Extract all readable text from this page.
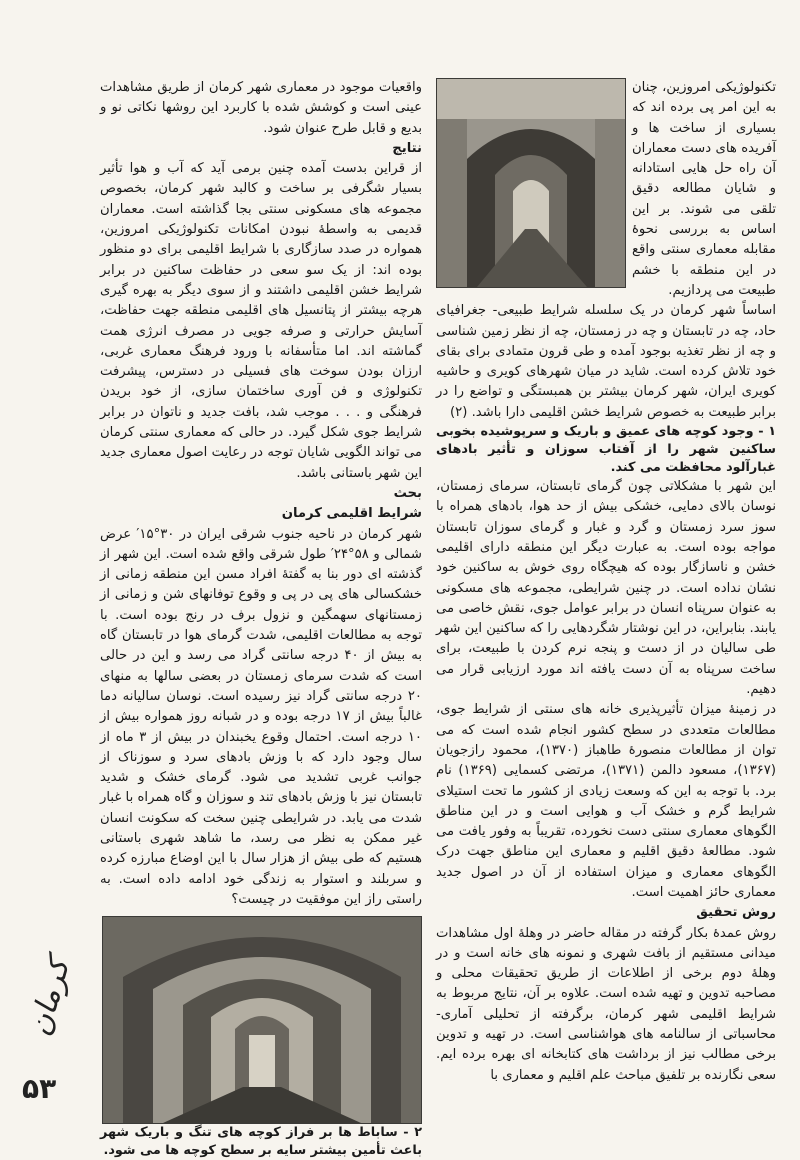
تکنولوژیکی امروزین، چنان به این امر پی برده اند که بسیاری از ساخت ها و آفریده های دست معماران آن راه حل هایی استادانه و شایان مطالعه دقیق تلقی می شوند. بر این اساس به بررسی نحوهٔ مقابله معماری سنتی واقع در این منطقه با خشم طبیعت می پردازیم.

اساساً شهر کرمان در یک سلسله شرایط طبیعی- جغرافیای حاد، چه در تابستان و چه در زمستان، چه از نظر زمین شناسی و چه از نظر تغذیه بوجود آمده و طی قرون متمادی برای بقای خود تلاش کرده است. شاید در میان شهرهای کویری و حاشیه کویری ایران، شهر کرمان بیشتر بن همبستگی و تواضع را در برابر طبیعت به خصوص شرایط خشن اقلیمی دارا باشد. (۲)

۱ - وجود کوچه های عمیق و باریک و سرپوشیده بخوبی ساکنین شهر را از آفتاب سوزان و تأثیر بادهای غبارآلود محافظت می کند.

این شهر با مشکلاتی چون گرمای تابستان، سرمای زمستان، نوسان بالای دمایی، خشکی بیش از حد هوا، بادهای همراه با سوز سرد زمستان و گرد و غبار و گرمای سوزان تابستان مواجه بوده است. به عبارت دیگر این منطقه دارای اقلیمی خشن و ناسازگار بوده که هیچگاه روی خوش به ساکنین خود نشان نداده است. در چنین شرایطی، مجموعه های مسکونی به عنوان سرپناه انسان در برابر عوامل جوی، نقش خاصی می یابند. بنابراین، در این نوشتار شگردهایی را که ساکنین این شهر طی سالیان در از دست و پنجه نرم کردن با طبیعت، برای ساخت سرپناه به آن دست یافته اند مورد ارزیابی قرار می دهیم.

در زمینهٔ میزان تأثیرپذیری خانه های سنتی از شرایط جوی، مطالعات متعددی در سطح کشور انجام شده است که می توان از مطالعات منصورهٔ طاهباز (۱۳۷۰)، محمود رازجویان (۱۳۶۷)، مسعود دالمن (۱۳۷۱)، مرتضی کسمایی (۱۳۶۹) نام برد. با توجه به این که وسعت زیادی از کشور ما تحت استیلای شرایط گرم و خشک آب و هوایی است و در این مناطق الگوهای معماری سنتی دست نخورده، تقریباً به وفور یافت می شود. مطالعهٔ دقیق اقلیم و معماری این مناطق جهت درک الگوهای معماری و میزان استفاده از آن در اصول جدید معماری حائز اهمیت است.

روش تحقیق

روش عمدهٔ بکار گرفته در مقاله حاضر در وهلهٔ اول مشاهدات میدانی مستقیم از بافت شهری و نمونه های خانه است و در وهلهٔ دوم برخی از اطلاعات از طریق تحقیقات محلی و مصاحبه تدوین و تهیه شده است. علاوه بر آن، نتایج مربوط به شرایط اقلیمی شهر کرمان، برگرفته از تحلیلی آماری- محاسباتی از سالنامه های هواشناسی است. در تهیه و تدوین برخی مطالب نیز از برداشت های کتابخانه ای بهره برده ایم. سعی نگارنده بر تلفیق مباحث علم اقلیم و معماری با

واقعیات موجود در معماری شهر کرمان از طریق مشاهدات عینی است و کوشش شده با کاربرد این روشها نکاتی نو و بدیع و قابل طرح عنوان شود.

نتایج

از قراین بدست آمده چنین برمی آید که آب و هوا تأثیر بسیار شگرفی بر ساخت و کالبد شهر کرمان، بخصوص مجموعه های مسکونی سنتی بجا گذاشته است. معماران قدیمی به واسطهٔ نبودن امکانات تکنولوژیکی امروزین، همواره در صدد سازگاری با شرایط اقلیمی برای دو منظور بوده اند: از یک سو سعی در حفاظت ساکنین در برابر شرایط خشن اقلیمی داشتند و از سوی دیگر به بهره گیری هرچه بیشتر از پتانسیل های اقلیمی منطقه جهت حفاظت، آسایش حرارتی و صرفه جویی در مصرف انرژی همت گماشته اند. اما متأسفانه با ورود فرهنگ معماری غربی، ارزان بودن سوخت های فسیلی در دسترس، پیشرفت تکنولوژی و فن آوری ساختمان سازی، از خود بریدن فرهنگی و . . . موجب شد، بافت جدید و ناتوان در برابر شرایط جوی شکل گیرد. در حالی که معماری سنتی کرمان می تواند الگویی شایان توجه در رعایت اصول معماری جدید این شهر باستانی باشد.

بحث

شرایط اقلیمی کرمان

شهر کرمان در ناحیه جنوب شرقی ایران در ۳۰°۱۵′ عرض شمالی و ۵۸°۲۴′ طول شرقی واقع شده است. این شهر از گذشته ای دور بنا به گفتهٔ افراد مسن این منطقه زمانی از خشکسالی های پی در پی و وقوع توفانهای شن و زمانی از زمستانهای سهمگین و نزول برف در رنج بوده است. با توجه به مطالعات اقلیمی، شدت گرمای هوا در تابستان گاه به بیش از ۴۰ درجه سانتی گراد می رسد و این در حالی است که شدت سرمای زمستان در بعضی سالها به منهای ۲۰ درجه سانتی گراد نیز رسیده است. نوسان سالیانه دما غالباً بیش از ۱۷ درجه بوده و در شبانه روز همواره بیش از ۱۰ درجه است. احتمال وقوع یخبندان در بیش از ۳ ماه از سال وجود دارد که با وزش بادهای سرد و سوزناک از جوانب غربی تشدید می شود. گرمای خشک و شدید تابستان نیز با وزش بادهای تند و سوزان و گاه همراه با غبار شدت می یابد. در شرایطی چنین سخت که سکونت انسان غیر ممکن به نظر می رسد، ما شاهد شهری باستانی هستیم که طی بیش از هزار سال با این اوضاع مبارزه کرده و سربلند و استوار به زندگی خود ادامه داده است. به راستی راز این موفقیت در چیست؟

۲ - ساباط ها بر فراز کوچه های تنگ و باریک شهر باعث تأمین بیشتر سایه بر سطح کوچه ها می شود.

کرمان
۵۳
